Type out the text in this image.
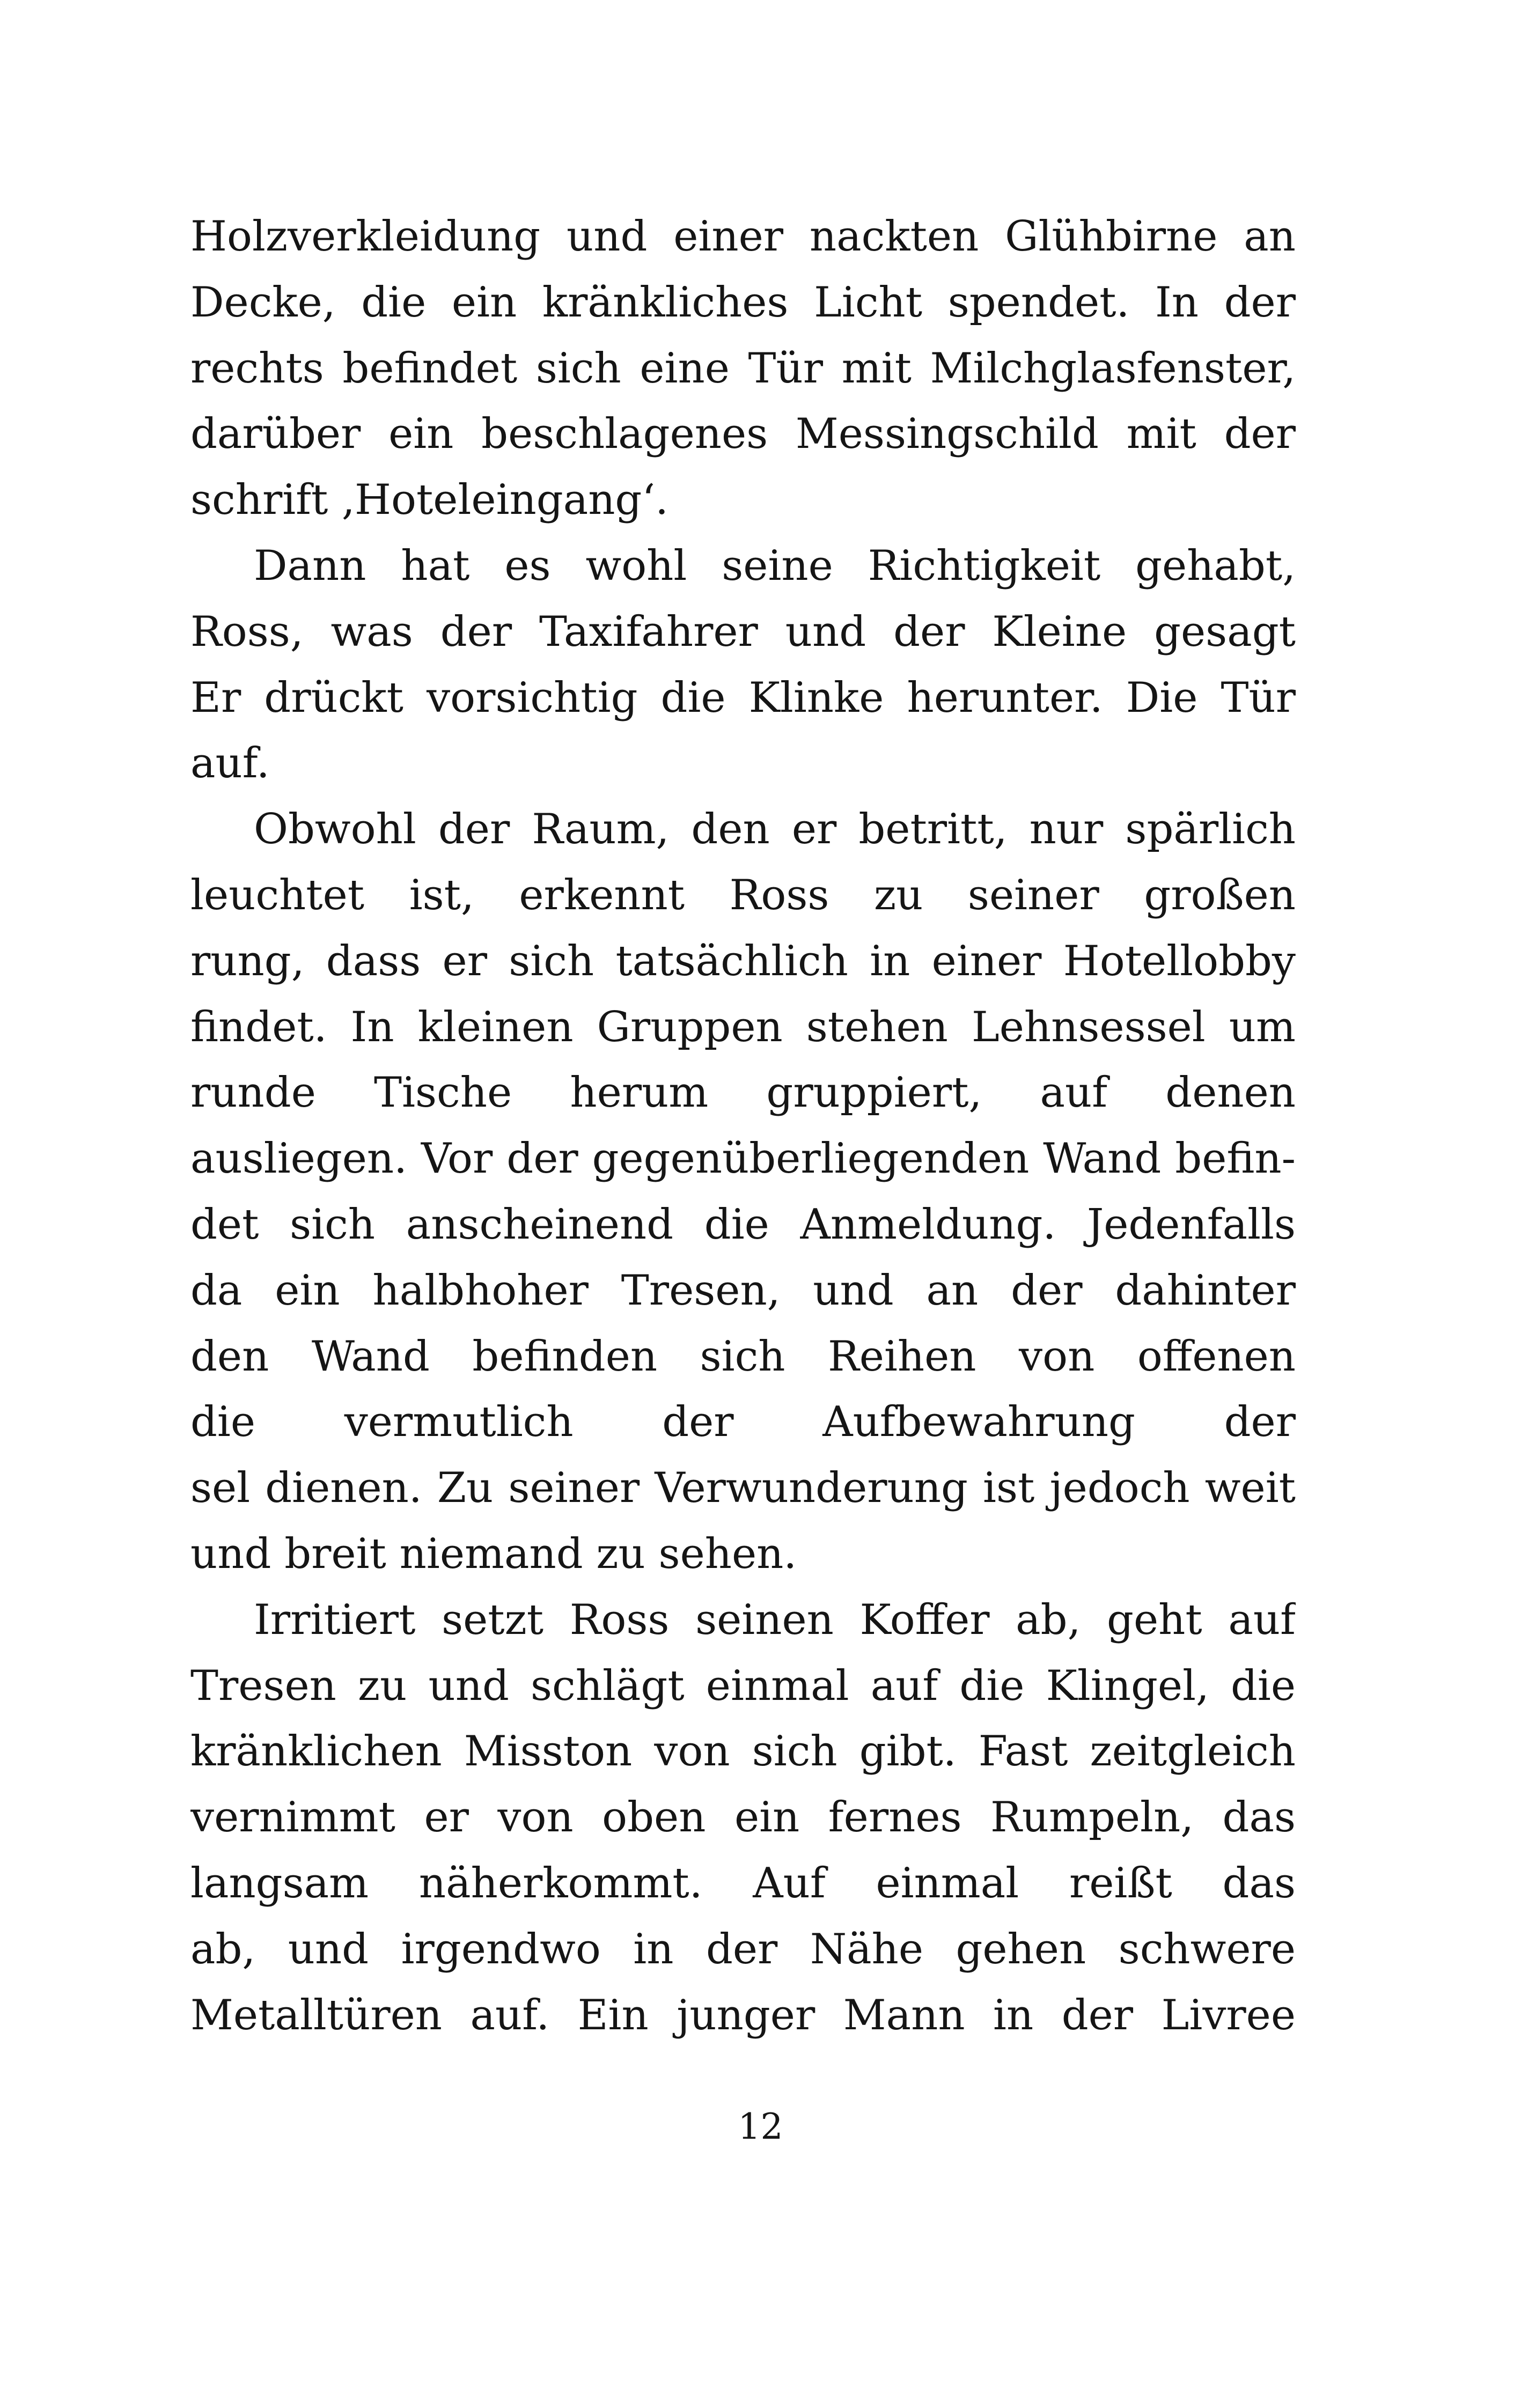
Holzverkleidung und einer nackten Glühbirne an
Decke, die ein kränkliches Licht spendet. In der
rechts befindet sich eine Tür mit Milchglasfenster,
darüber ein beschlagenes Messingschild mit der
schrift ‚Hoteleingang‘.
Dann hat es wohl seine Richtigkeit gehabt,
Ross, was der Taxifahrer und der Kleine gesagt
Er drückt vorsichtig die Klinke herunter. Die Tür
auf.
Obwohl der Raum, den er betritt, nur spärlich
leuchtet ist, erkennt Ross zu seiner großen
rung, dass er sich tatsächlich in einer Hotellobby
findet. In kleinen Gruppen stehen Lehnsessel um
runde Tische herum gruppiert, auf denen
ausliegen. Vor der gegenüberliegenden Wand befin-
det sich anscheinend die Anmeldung. Jedenfalls
da ein halbhoher Tresen, und an der dahinter
den Wand befinden sich Reihen von offenen
die vermutlich der Aufbewahrung der
sel dienen. Zu seiner Verwunderung ist jedoch weit
und breit niemand zu sehen.
Irritiert setzt Ross seinen Koffer ab, geht auf
Tresen zu und schlägt einmal auf die Klingel, die
kränklichen Misston von sich gibt. Fast zeitgleich
vernimmt er von oben ein fernes Rumpeln, das
langsam näherkommt. Auf einmal reißt das
ab, und irgendwo in der Nähe gehen schwere
Metalltüren auf. Ein junger Mann in der Livree
12
